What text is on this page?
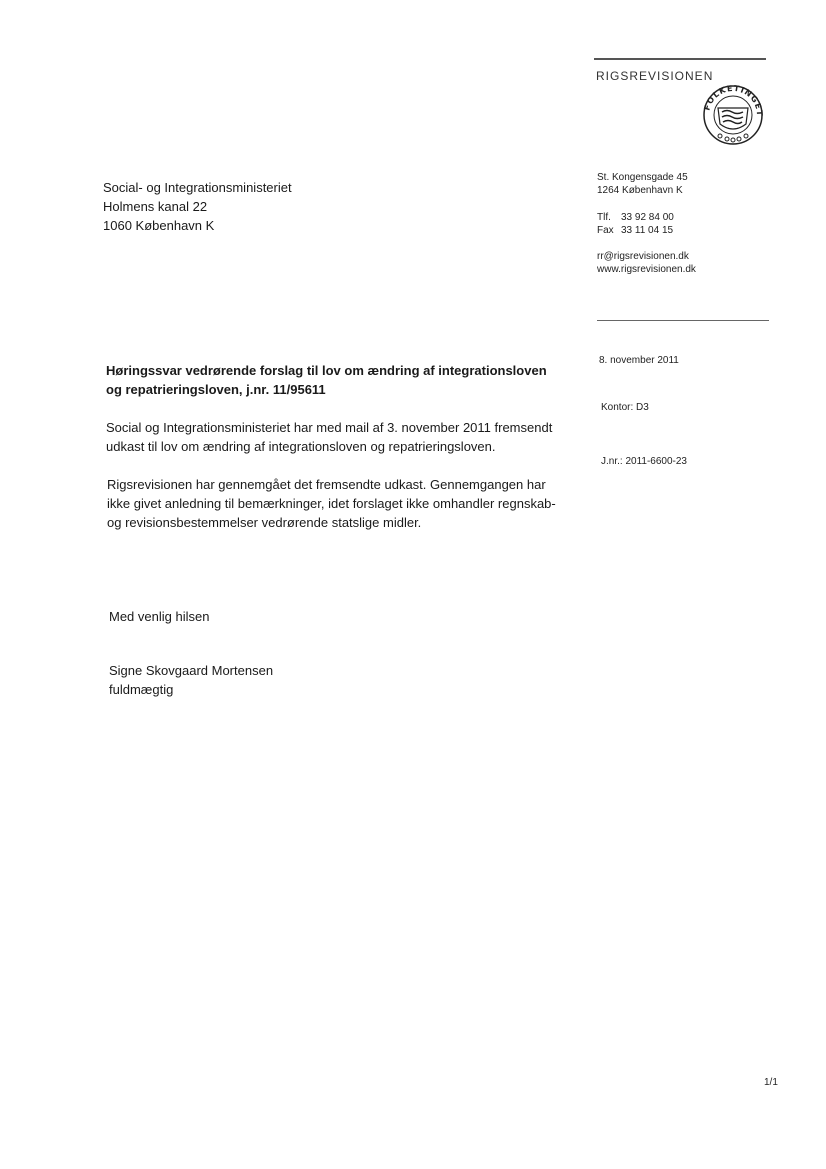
RIGSREVISIONEN
FOLKETINGET
St. Kongensgade 45
1264 København K
Tlf. 33 92 84 00
Fax 33 11 04 15
rr@rigsrevisionen.dk
www.rigsrevisionen.dk
Social- og Integrationsministeriet
Holmens kanal 22
1060 København K
8. november 2011
Kontor: D3
J.nr.: 2011-6600-23
Høringssvar vedrørende forslag til lov om ændring af integrationsloven
og repatrieringsloven, j.nr. 11/95611
Social og Integrationsministeriet har med mail af 3. november 2011 fremsendt
udkast til lov om ændring af integrationsloven og repatrieringsloven.
Rigsrevisionen har gennemgået det fremsendte udkast. Gennemgangen har
ikke givet anledning til bemærkninger, idet forslaget ikke omhandler regnskab-
og revisionsbestemmelser vedrørende statslige midler.
Med venlig hilsen
Signe Skovgaard Mortensen
fuldmægtig
1/1
